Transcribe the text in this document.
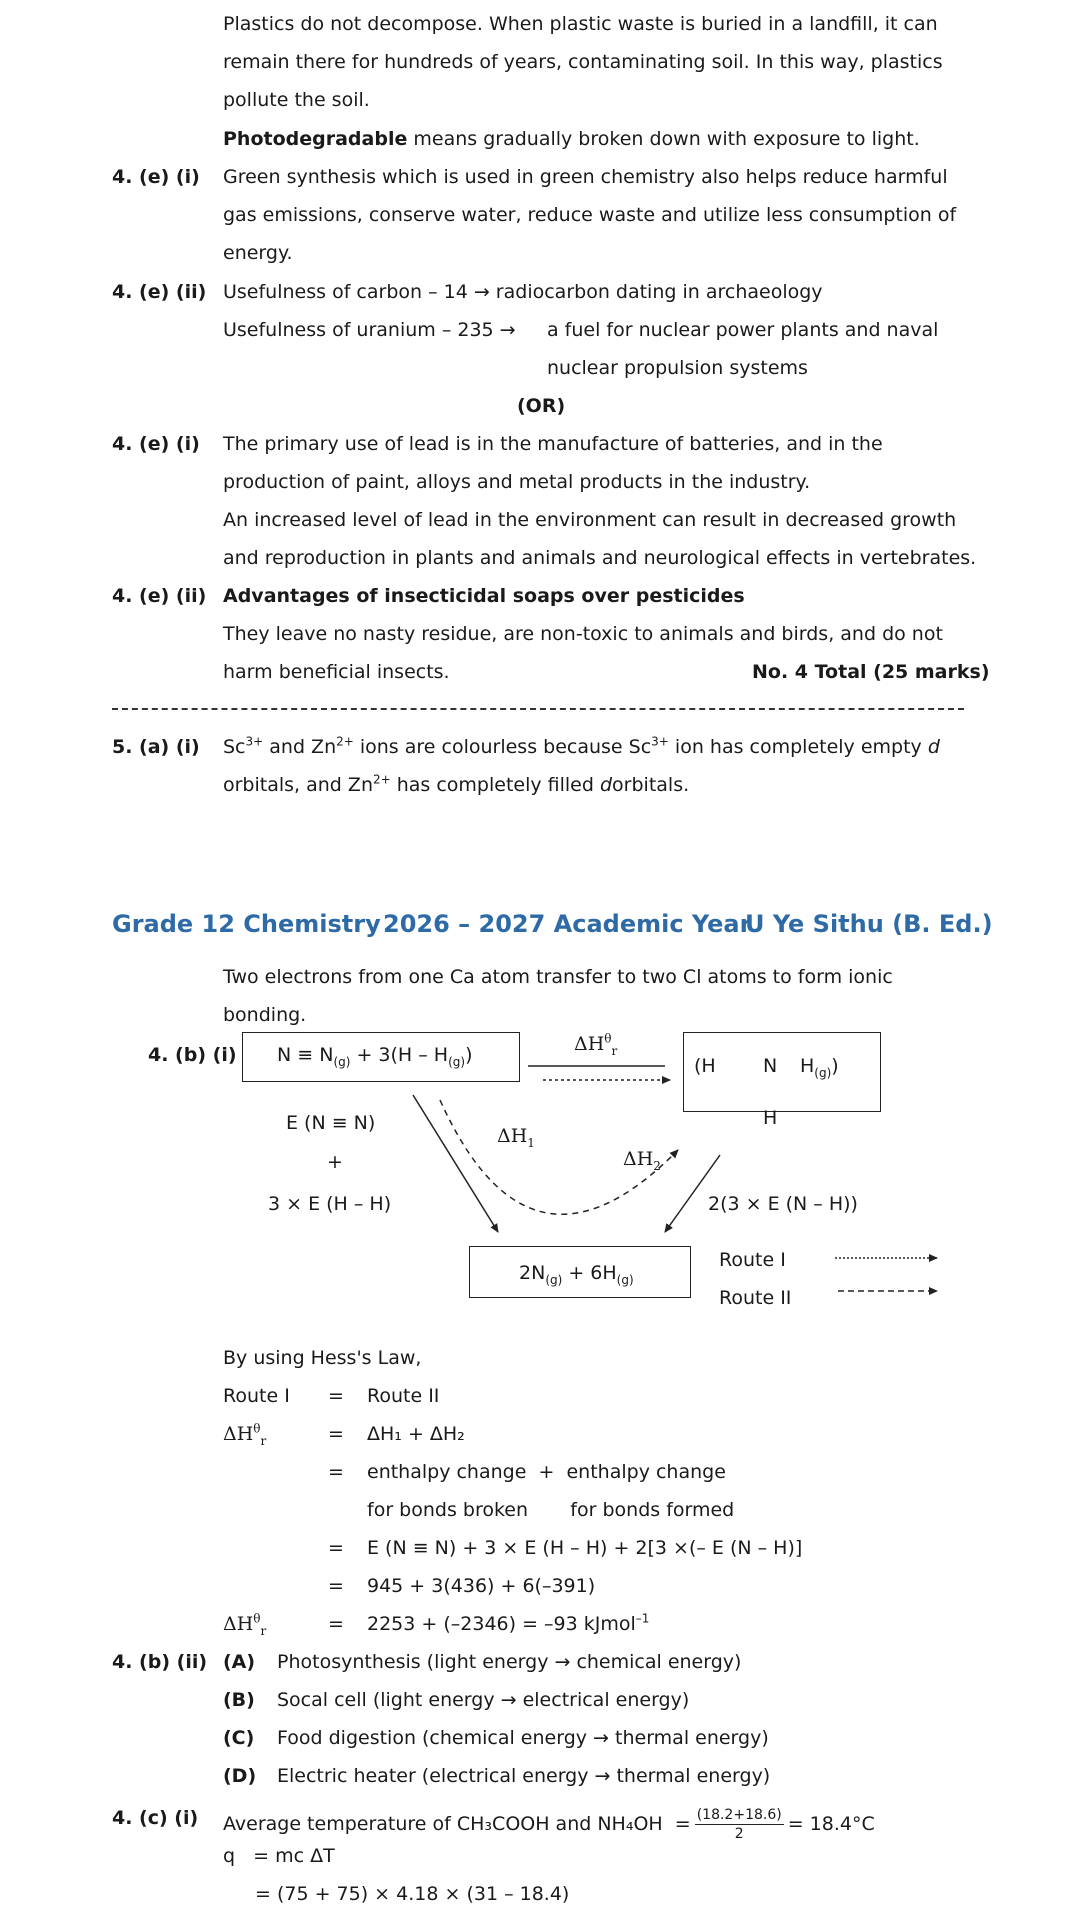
Plastics do not decompose. When plastic waste is buried in a landfill, it can
remain there for hundreds of years, contaminating soil. In this way, plastics
pollute the soil.
Photodegradable means gradually broken down with exposure to light.
4. (e) (i) Green synthesis which is used in green chemistry also helps reduce harmful
gas emissions, conserve water, reduce waste and utilize less consumption of
energy.
4. (e) (ii) Usefulness of carbon – 14 → radiocarbon dating in archaeology
Usefulness of uranium – 235 → a fuel for nuclear power plants and naval
nuclear propulsion systems
(OR)
4. (e) (i) The primary use of lead is in the manufacture of batteries, and in the
production of paint, alloys and metal products in the industry.
An increased level of lead in the environment can result in decreased growth
and reproduction in plants and animals and neurological effects in vertebrates.
4. (e) (ii) Advantages of insecticidal soaps over pesticides
They leave no nasty residue, are non-toxic to animals and birds, and do not
harm beneficial insects.	No. 4 Total (25 marks)
5. (a) (i) $Sc^{3+}$ and $Zn^{2+}$ ions are colourless because $Sc^{3+}$ ion has completely empty d
orbitals, and $Zn^{2+}$ has completely filled dorbitals.
Grade 12 Chemistry 2026 – 2027 Academic Year
U Ye Sithu (B. Ed.)
Two electrons from one Ca atom transfer to two Cl atoms to form ionic
bonding.
4. (b) (i) $N \equiv N_{(g)} + 3(H - H_{(g)})$	$\Delta H^\theta_r$
(H N $H_{(g)}$)
H
E (N ≡ N)
+
3 × E (H – H)
$\Delta H_1$
$\Delta H_2$
2(3 × E (N – H))
$2N_{(g)} + 6H_{(g)}$
Route I
Route II
By using Hess's Law,
Route I = Route II
$\Delta H^\theta_r$	= ΔH₁ + ΔH₂
= enthalpy change  +  enthalpy change
for bonds broken       for bonds formed
= E (N ≡ N) + 3 × E (H – H) + 2[3 ×(– E (N – H)]
= 945 + 3(436) + 6(–391)
$\Delta H^\theta_r$	= 2253 + (–2346) = –93 kJmol$^{-1}$
4. (b) (ii) (A) Photosynthesis (light energy → chemical energy)
(B) Socal cell (light energy → electrical energy)
(C) Food digestion (chemical energy → thermal energy)
(D) Electric heater (electrical energy → thermal energy)
4. (c) (i) Average temperature of CH₃COOH and $NH_4OH = \frac{(18.2+18.6)}{2} = 18.4^\circ C$
q   = mc ΔT
= (75 + 75) × 4.18 × (31 – 18.4)
